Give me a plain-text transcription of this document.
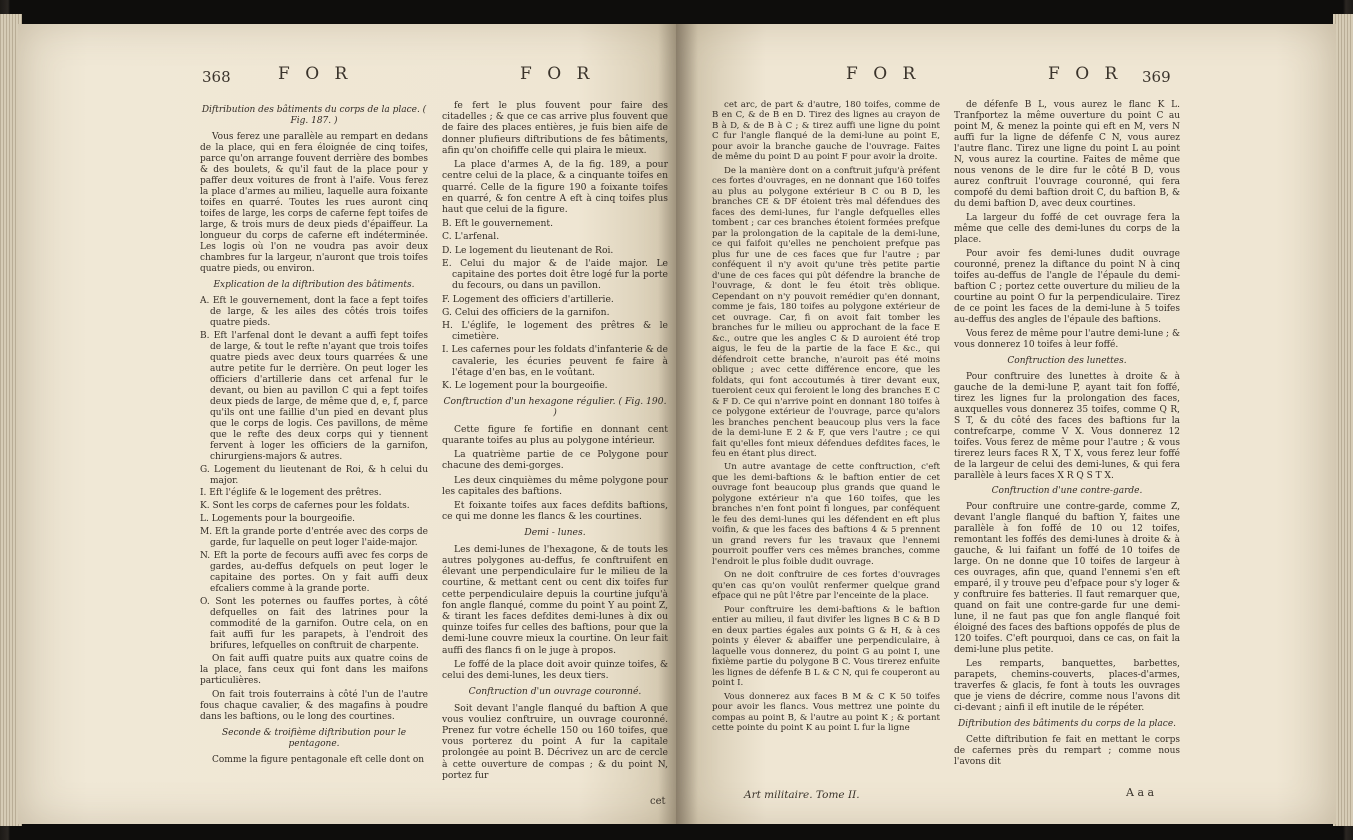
368	F O R	F O R

Diftribution des bâtiments du corps de la place. ( Fig. 187. )

Vous ferez une parallèle au rempart en dedans de la place, qui en fera éloignée de cinq toifes, parce qu'on arrange fouvent derrière des bombes & des boulets, & qu'il faut de la place pour y paffer deux voitures de front à l'aife. Vous ferez la place d'armes au milieu, laquelle aura foixante toifes en quarré. Toutes les rues auront cinq toifes de large, les corps de caferne fept toifes de large, & trois murs de deux pieds d'épaiffeur. La longueur du corps de caferne eft indéterminée. Les logis où l'on ne voudra pas avoir deux chambres fur la largeur, n'auront que trois toifes quatre pieds, ou environ.

Explication de la diftribution des bâtiments.

A. Eft le gouvernement, dont la face a fept toifes de large, & les ailes des côtés trois toifes quatre pieds.

B. Eft l'arfenal dont le devant a auffi fept toifes de large, & tout le refte n'ayant que trois toifes quatre pieds avec deux tours quarrées & une autre petite fur le derrière. On peut loger les officiers d'artillerie dans cet arfenal fur le devant, ou bien au pavillon C qui a fept toifes deux pieds de large, de même que d, e, f, parce qu'ils ont une faillie d'un pied en devant plus que le corps de logis. Ces pavillons, de même que le refte des deux corps qui y tiennent fervent à loger les officiers de la garnifon, chirurgiens-majors & autres.

G. Logement du lieutenant de Roi, & h celui du major.

I. Eft l'églife & le logement des prêtres.

K. Sont les corps de cafernes pour les foldats.

L. Logements pour la bourgeoifie.

M. Eft la grande porte d'entrée avec des corps de garde, fur laquelle on peut loger l'aide-major.

N. Eft la porte de fecours auffi avec fes corps de gardes, au-deffus defquels on peut loger le capitaine des portes. On y fait auffi deux efcaliers comme à la grande porte.

O. Sont les poternes ou fauffes portes, à côté defquelles on fait des latrines pour la commodité de la garnifon. Outre cela, on en fait auffi fur les parapets, à l'endroit des brifures, lefquelles on conftruit de charpente.

On fait auffi quatre puits aux quatre coins de la place, fans ceux qui font dans les maifons particulières.

On fait trois fouterrains à côté l'un de l'autre fous chaque cavalier, & des magafins à poudre dans les baftions, ou le long des courtines.

Seconde & troifième diftribution pour le pentagone.

Comme la figure pentagonale eft celle dont on

fe fert le plus fouvent pour faire des citadelles ; & que ce cas arrive plus fouvent que de faire des places entières, je fuis bien aife de donner plufieurs diftributions de fes bâtiments, afin qu'on choififfe celle qui plaira le mieux.

La place d'armes A, de la fig. 189, a pour centre celui de la place, & a cinquante toifes en quarré. Celle de la figure 190 a foixante toifes en quarré, & fon centre A eft à cinq toifes plus haut que celui de la figure.

B. Eft le gouvernement.

C. L'arfenal.

D. Le logement du lieutenant de Roi.

E. Celui du major & de l'aide major. Le capitaine des portes doit être logé fur la porte du fecours, ou dans un pavillon.

F. Logement des officiers d'artillerie.

G. Celui des officiers de la garnifon.

H. L'églife, le logement des prêtres & le cimetière.

I. Les cafernes pour les foldats d'infanterie & de cavalerie, les écuries peuvent fe faire à l'étage d'en bas, en le voûtant.

K. Le logement pour la bourgeoifie.

Conftruction d'un hexagone régulier. ( Fig. 190. )

Cette figure fe fortifie en donnant cent quarante toifes au plus au polygone intérieur.

La quatrième partie de ce Polygone pour chacune des demi-gorges.

Les deux cinquièmes du même polygone pour les capitales des baftions.

Et foixante toifes aux faces defdits baftions, ce qui me donne les flancs & les courtines.

Demi - lunes.

Les demi-lunes de l'hexagone, & de touts les autres polygones au-deffus, fe conftruifent en élevant une perpendiculaire fur le milieu de la courtine, & mettant cent ou cent dix toifes fur cette perpendiculaire depuis la courtine jufqu'à fon angle flanqué, comme du point Y au point Z, & tirant les faces defdites demi-lunes à dix ou quinze toifes fur celles des baftions, pour que la demi-lune couvre mieux la courtine. On leur fait auffi des flancs fi on le juge à propos.

Le foffé de la place doit avoir quinze toifes, & celui des demi-lunes, les deux tiers.

Conftruction d'un ouvrage couronné.

Soit devant l'angle flanqué du baftion A que vous vouliez conftruire, un ouvrage couronné. Prenez fur votre échelle 150 ou 160 toifes, que vous porterez du point A fur la capitale prolongée au point B. Décrivez un arc de cercle à cette ouverture de compas ; & du point N, portez fur

cet
F O R	F O R 369

cet arc, de part & d'autre, 180 toifes, comme de B en C, & de B en D. Tirez des lignes au crayon de B à D, & de B à C ; & tirez auffi une ligne du point C fur l'angle flanqué de la demi-lune au point E, pour avoir la branche gauche de l'ouvrage. Faites de même du point D au point F pour avoir la droite.

De la manière dont on a conftruit jufqu'à préfent ces fortes d'ouvrages, en ne donnant que 160 toifes au plus au polygone extérieur B C ou B D, les branches CE & DF étoient très mal défendues des faces des demi-lunes, fur l'angle defquelles elles tombent ; car ces branches étoient formées prefque par la prolongation de la capitale de la demi-lune, ce qui faifoit qu'elles ne penchoient prefque pas plus fur une de ces faces que fur l'autre ; par conféquent il n'y avoit qu'une très petite partie d'une de ces faces qui pût défendre la branche de l'ouvrage, & dont le feu étoit très oblique. Cependant on n'y pouvoit remédier qu'en donnant, comme je fais, 180 toifes au polygone extérieur de cet ouvrage. Car, fi on avoit fait tomber les branches fur le milieu ou approchant de la face E &c., outre que les angles C & D auroient été trop aigus, le feu de la partie de la face E &c., qui défendroit cette branche, n'auroit pas été moins oblique ; avec cette différence encore, que les foldats, qui font accoutumés à tirer devant eux, tueroient ceux qui feroient le long des branches E C & F D. Ce qui n'arrive point en donnant 180 toifes à ce polygone extérieur de l'ouvrage, parce qu'alors les branches penchent beaucoup plus vers la face de la demi-lune E 2 & F, que vers l'autre ; ce qui fait qu'elles font mieux défendues defdites faces, le feu en étant plus direct.

Un autre avantage de cette conftruction, c'eft que les demi-baftions & le baftion entier de cet ouvrage font beaucoup plus grands que quand le polygone extérieur n'a que 160 toifes, que les branches n'en font point fi longues, par conféquent le feu des demi-lunes qui les défendent en eft plus voifin, & que les faces des baftions 4 & 5 prennent un grand revers fur les travaux que l'ennemi pourroit pouffer vers ces mêmes branches, comme l'endroit le plus foible dudit ouvrage.

On ne doit conftruire de ces fortes d'ouvrages qu'en cas qu'on voulût renfermer quelque grand efpace qui ne pût l'être par l'enceinte de la place.

Pour conftruire les demi-baftions & le baftion entier au milieu, il faut divifer les lignes B C & B D en deux parties égales aux points G & H, & à ces points y élever & abaiffer une perpendiculaire, à laquelle vous donnerez, du point G au point I, une fixième partie du polygone B C. Vous tirerez enfuite les lignes de défenfe B L & C N, qui fe couperont au point I.

Vous donnerez aux faces B M & C K 50 toifes pour avoir les flancs. Vous mettrez une pointe du compas au point B, & l'autre au point K ; & portant cette pointe du point K au point L fur la ligne

de défenfe B L, vous aurez le flanc K L. Tranfportez la même ouverture du point C au point M, & menez la pointe qui eft en M, vers N auffi fur la ligne de défenfe C N, vous aurez l'autre flanc. Tirez une ligne du point L au point N, vous aurez la courtine. Faites de même que nous venons de le dire fur le côté B D, vous aurez conftruit l'ouvrage couronné, qui fera compofé du demi baftion droit C, du baftion B, & du demi baftion D, avec deux courtines.

La largeur du foffé de cet ouvrage fera la même que celle des demi-lunes du corps de la place.

Pour avoir fes demi-lunes dudit ouvrage couronné, prenez la diftance du point N à cinq toifes au-deffus de l'angle de l'épaule du demi-baftion C ; portez cette ouverture du milieu de la courtine au point O fur la perpendiculaire. Tirez de ce point les faces de la demi-lune à 5 toifes au-deffus des angles de l'épaule des baftions.

Vous ferez de même pour l'autre demi-lune ; & vous donnerez 10 toifes à leur foffé.

Conftruction des lunettes.

Pour conftruire des lunettes à droite & à gauche de la demi-lune P, ayant tait fon foffé, tirez les lignes fur la prolongation des faces, auxquelles vous donnerez 35 toifes, comme Q R, S T, & du côté des faces des baftions fur la contrefcarpe, comme V X. Vous donnerez 12 toifes. Vous ferez de même pour l'autre ; & vous tirerez leurs faces R X, T X, vous ferez leur foffé de la largeur de celui des demi-lunes, & qui fera parallèle à leurs faces X R Q S T X.

Conftruction d'une contre-garde.

Pour conftruire une contre-garde, comme Z, devant l'angle flanqué du baftion Y, faites une parallèle à fon foffé de 10 ou 12 toifes, remontant les foffés des demi-lunes à droite & à gauche, & lui faifant un foffé de 10 toifes de large. On ne donne que 10 toifes de largeur à ces ouvrages, afin que, quand l'ennemi s'en eft emparé, il y trouve peu d'efpace pour s'y loger & y conftruire fes batteries. Il faut remarquer que, quand on fait une contre-garde fur une demi-lune, il ne faut pas que fon angle flanqué foit éloigné des faces des baftions oppofés de plus de 120 toifes. C'eft pourquoi, dans ce cas, on fait la demi-lune plus petite.

Les remparts, banquettes, barbettes, parapets, chemins-couverts, places-d'armes, traverfes & glacis, fe font à touts les ouvrages que je viens de décrire, comme nous l'avons dit ci-devant ; ainfi il eft inutile de le répéter.

Diftribution des bâtiments du corps de la place.

Cette diftribution fe fait en mettant le corps de cafernes près du rempart ; comme nous l'avons dit

Art militaire. Tome II.	A a a
